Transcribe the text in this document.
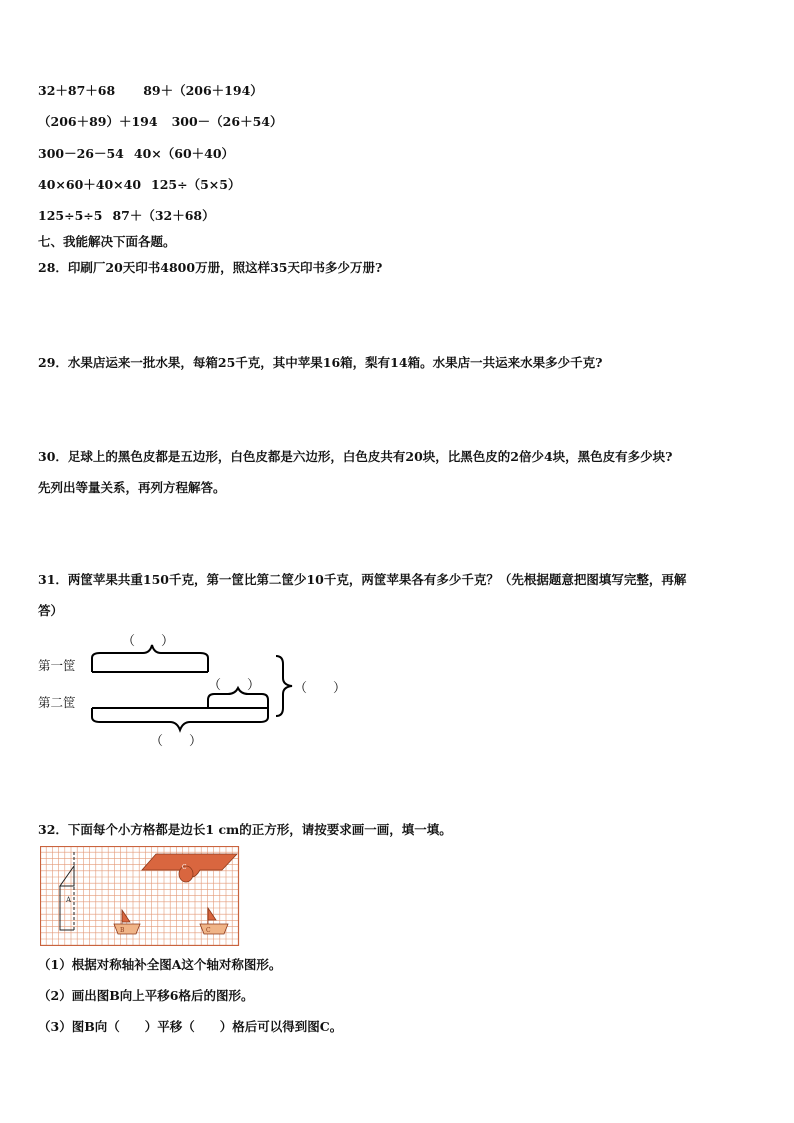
32＋87＋68 89＋（206＋194）
（206＋89）＋194 300－（26＋54）
300－26－54 40×（60＋40）
40×60＋40×40 125÷（5×5）
125÷5÷5 87＋（32＋68）
七、我能解决下面各题。
28．印刷厂20天印书4800万册，照这样35天印书多少万册?
29．水果店运来一批水果，每箱25千克，其中苹果16箱，梨有14箱。水果店一共运来水果多少千克?
30．足球上的黑色皮都是五边形，白色皮都是六边形，白色皮共有20块，比黑色皮的2倍少4块，黑色皮有多少块?
先列出等量关系，再列方程解答。
31．两筐苹果共重150千克，第一筐比第二筐少10千克，两筐苹果各有多少千克？（先根据题意把图填写完整，再解
答）
第一筐
第二筐
（　　）
（　　）	（　　）
（　　）
32．下面每个小方格都是边长1 cm的正方形，请按要求画一画，填一填。
A
C
B	C
（1）根据对称轴补全图A这个轴对称图形。
（2）画出图B向上平移6格后的图形。
（3）图B向（　　）平移（　　）格后可以得到图C。
